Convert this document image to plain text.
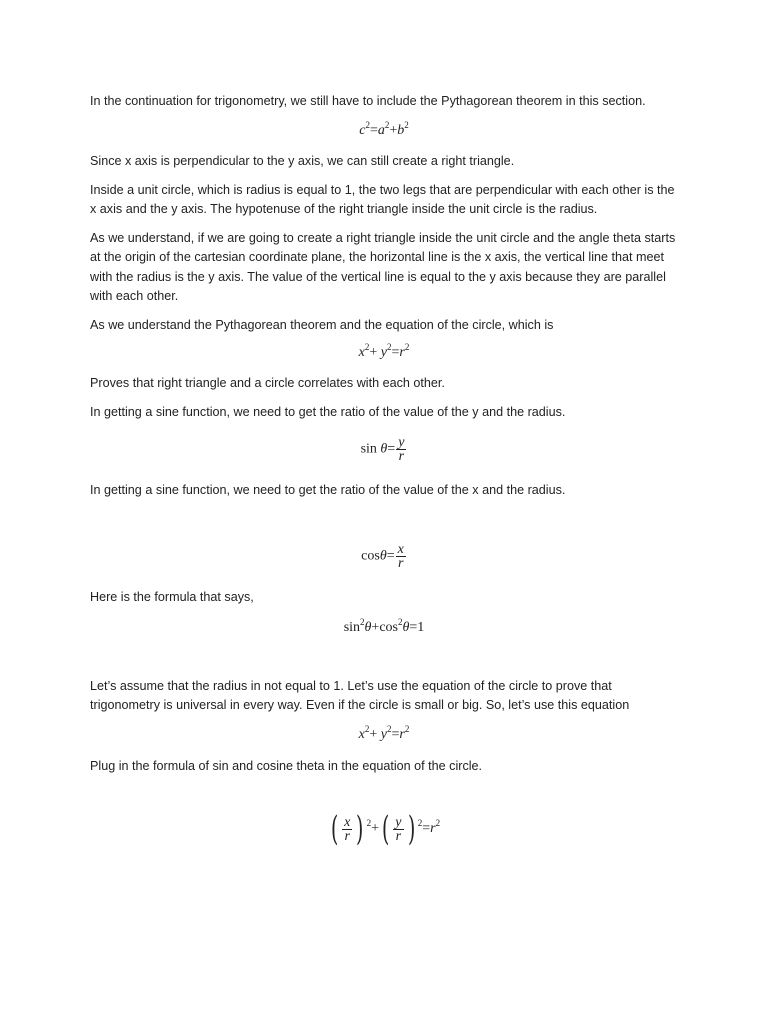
In the continuation for trigonometry, we still have to include the Pythagorean theorem in this section.

$c^2=a^2+b^2$

Since x axis is perpendicular to the y axis, we can still create a right triangle.

Inside a unit circle, which is radius is equal to 1, the two legs that are perpendicular with each other is the x axis and the y axis. The hypotenuse of the right triangle inside the unit circle is the radius.

As we understand, if we are going to create a right triangle inside the unit circle and the angle theta starts at the origin of the cartesian coordinate plane, the horizontal line is the x axis, the vertical line that meet with the radius is the y axis. The value of the vertical line is equal to the y axis because they are parallel with each other.

As we understand the Pythagorean theorem and the equation of the circle, which is

$x^2+ y^2=r^2$

Proves that right triangle and a circle correlates with each other.

In getting a sine function, we need to get the ratio of the value of the y and the radius.

$\sin \theta= \frac{y}{r}$

In getting a sine function, we need to get the ratio of the value of the x and the radius.

$\cos\theta= \frac{x}{r}$

Here is the formula that says,

$\sin^2\theta+\cos^2\theta=1$

Let’s assume that the radius in not equal to 1. Let’s use the equation of the circle to prove that trigonometry is universal in every way. Even if the circle is small or big. So, let’s use this equation

$x^2+ y^2=r^2$

Plug in the formula of sin and cosine theta in the equation of the circle.

( $\frac{x}{r}$ ) $^2+( \frac{y}{r}$ ) $^2=r^2$
